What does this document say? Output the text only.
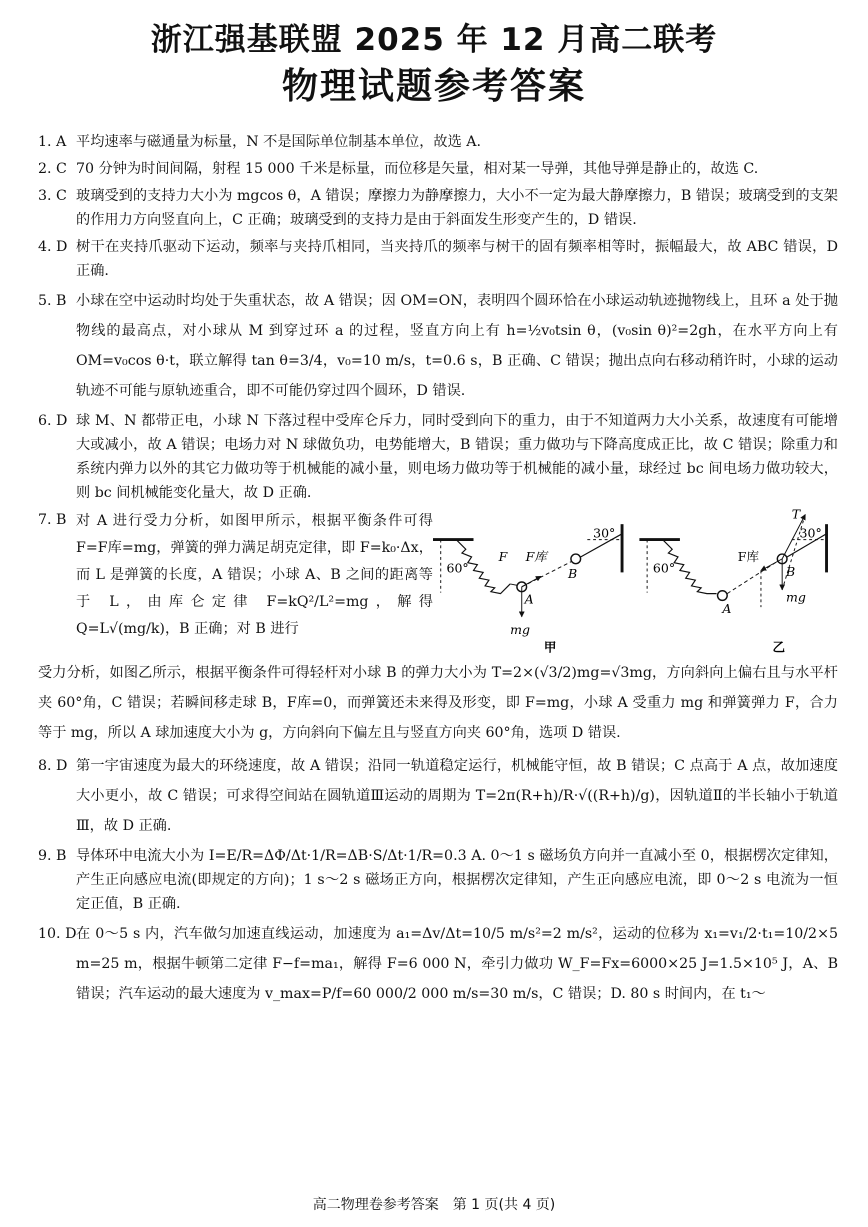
浙江强基联盟 2025 年 12 月高二联考
物理试题参考答案
1. A 平均速率与磁通量为标量，N 不是国际单位制基本单位，故选 A.
2. C 70 分钟为时间间隔，射程 15 000 千米是标量，而位移是矢量，相对某一导弹，其他导弹是静止的，故选 C.
3. C 玻璃受到的支持力大小为 mgcos θ，A 错误；摩擦力为静摩擦力，大小不一定为最大静摩擦力，B 错误；玻璃受到的支架的作用力方向竖直向上，C 正确；玻璃受到的支持力是由于斜面发生形变产生的，D 错误.
4. D 树干在夹持爪驱动下运动，频率与夹持爪相同，当夹持爪的频率与树干的固有频率相等时，振幅最大，故 ABC 错误，D 正确.
5. B 小球在空中运动时均处于失重状态，故 A 错误；因 OM=ON，表明四个圆环恰在小球运动轨迹抛物线上，且环 a 处于抛物线的最高点，对小球从 M 到穿过环 a 的过程，竖直方向上有 h=½v₀tsin θ，(v₀sin θ)²=2gh，在水平方向上有 OM=v₀cos θ·t，联立解得 tan θ=3/4，v₀=10 m/s，t=0.6 s，B 正确、C 错误；抛出点向右移动稍许时，小球的运动轨迹不可能与原轨迹重合，即不可能仍穿过四个圆环，D 错误.
6. D 球 M、N 都带正电，小球 N 下落过程中受库仑斥力，同时受到向下的重力，由于不知道两力大小关系，故速度有可能增大或减小，故 A 错误；电场力对 N 球做负功，电势能增大，B 错误；重力做功与下降高度成正比，故 C 错误；除重力和系统内弹力以外的其它力做功等于机械能的减小量，则电场力做功等于机械能的减小量，球经过 bc 间电场力做功较大，则 bc 间机械能变化量大，故 D 正确.
7. B 对 A 进行受力分析，如图甲所示，根据平衡条件可得 F=F库=mg，弹簧的弹力满足胡克定律，即 F=k₀·Δx，而 L 是弹簧的长度，A 错误；小球 A、B 之间的距离等于 L，由库仑定律 F=kQ²/L²=mg，解得 Q=L√(mg/k)，B 正确；对 B 进行
60°
F F库
A
mg
B
30°
甲
60°
F库
A
B
T
mg
30°
乙
受力分析，如图乙所示，根据平衡条件可得轻杆对小球 B 的弹力大小为 T=2×(√3/2)mg=√3mg，方向斜向上偏右且与水平杆夹 60°角，C 错误；若瞬间移走球 B，F库=0，而弹簧还未来得及形变，即 F=mg，小球 A 受重力 mg 和弹簧弹力 F，合力等于 mg，所以 A 球加速度大小为 g，方向斜向下偏左且与竖直方向夹 60°角，选项 D 错误.
8. D 第一宇宙速度为最大的环绕速度，故 A 错误；沿同一轨道稳定运行，机械能守恒，故 B 错误；C 点高于 A 点，故加速度大小更小，故 C 错误；可求得空间站在圆轨道Ⅲ运动的周期为 T=2π(R+h)/R·√((R+h)/g)，因轨道Ⅱ的半长轴小于轨道Ⅲ，故 D 正确.
9. B 导体环中电流大小为 I=E/R=ΔΦ/Δt·1/R=ΔB·S/Δt·1/R=0.3 A. 0～1 s 磁场负方向并一直减小至 0，根据楞次定律知，产生正向感应电流(即规定的方向)；1 s～2 s 磁场正方向，根据楞次定律知，产生正向感应电流，即 0～2 s 电流为一恒定正值，B 正确.
10. D 在 0～5 s 内，汽车做匀加速直线运动，加速度为 a₁=Δv/Δt=10/5 m/s²=2 m/s²，运动的位移为 x₁=v₁/2·t₁=10/2×5 m=25 m，根据牛顿第二定律 F−f=ma₁，解得 F=6 000 N，牵引力做功 W_F=Fx=6000×25 J=1.5×10⁵ J，A、B 错误；汽车运动的最大速度为 v_max=P/f=60 000/2 000 m/s=30 m/s，C 错误；D. 80 s 时间内，在 t₁～
高二物理卷参考答案　第 1 页(共 4 页)
